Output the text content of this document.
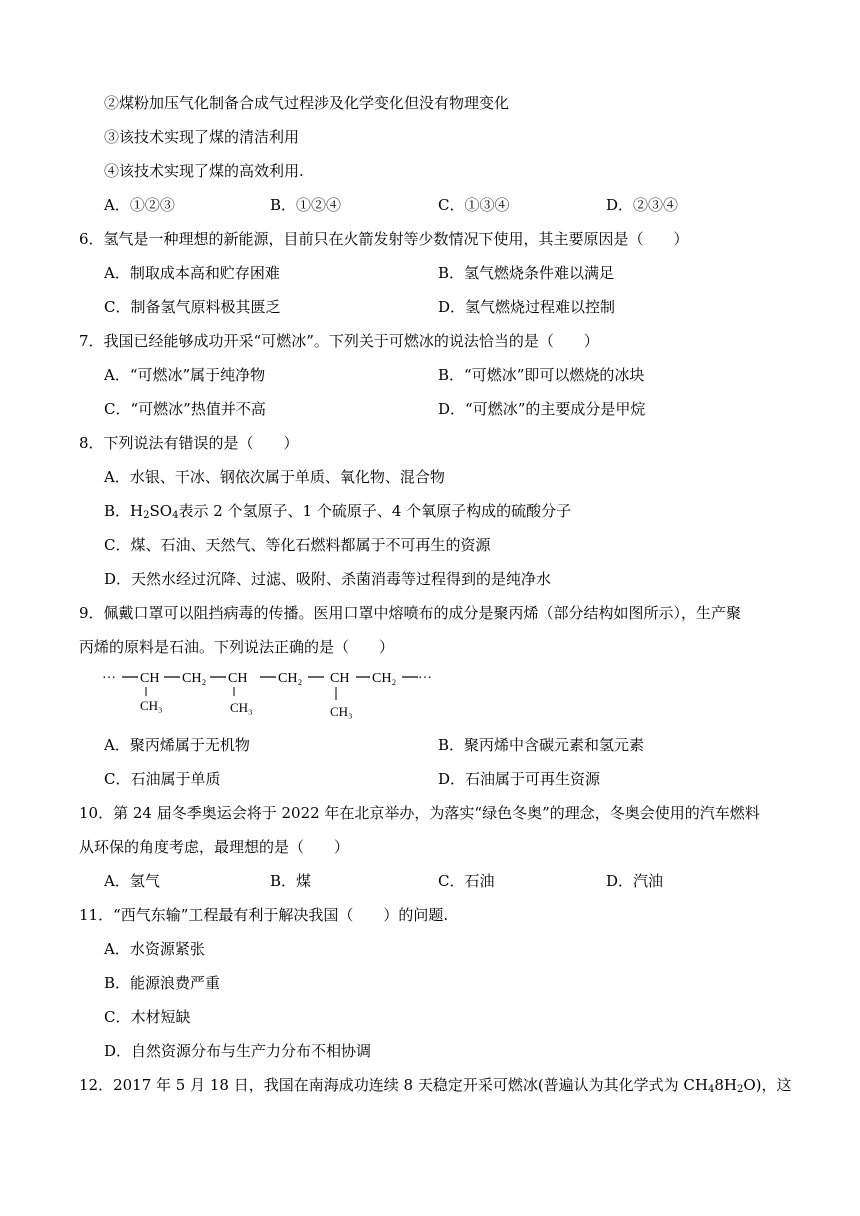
②煤粉加压气化制备合成气过程涉及化学变化但没有物理变化
③该技术实现了煤的清洁利用
④该技术实现了煤的高效利用.
A．①②③	B．①②④	C．①③④	D．②③④
6．氢气是一种理想的新能源，目前只在火箭发射等少数情况下使用，其主要原因是（　　）
A．制取成本高和贮存困难	B．氢气燃烧条件难以满足
C．制备氢气原料极其匮乏	D．氢气燃烧过程难以控制
7．我国已经能够成功开采“可燃冰”。下列关于可燃冰的说法恰当的是（　　）
A．“可燃冰”属于纯净物	B．“可燃冰”即可以燃烧的冰块
C．“可燃冰”热值并不高	D．“可燃冰”的主要成分是甲烷
8．下列说法有错误的是（　　）
A．水银、干冰、钢依次属于单质、氧化物、混合物
B．$H_2SO_4$表示 2 个氢原子、1 个硫原子、4 个氧原子构成的硫酸分子
C．煤、石油、天然气、等化石燃料都属于不可再生的资源
D．天然水经过沉降、过滤、吸附、杀菌消毒等过程得到的是纯净水
9．佩戴口罩可以阻挡病毒的传播。医用口罩中熔喷布的成分是聚丙烯（部分结构如图所示），生产聚
丙烯的原料是石油。下列说法正确的是（　　）
··· CH CH₂ CH CH₂ CH CH₂ ···
CH₃	CH₃	CH₃
A．聚丙烯属于无机物	B．聚丙烯中含碳元素和氢元素
C．石油属于单质	D．石油属于可再生资源
10．第 24 届冬季奥运会将于 2022 年在北京举办，为落实“绿色冬奥”的理念，冬奥会使用的汽车燃料
从环保的角度考虑，最理想的是（　　）
A．氢气	B．煤	C．石油	D．汽油
11．“西气东输”工程最有利于解决我国（　　）的问题.
A．水资源紧张
B．能源浪费严重
C．木材短缺
D．自然资源分布与生产力分布不相协调
12．2017 年 5 月 18 日，我国在南海成功连续 8 天稳定开采可燃冰(普遍认为其化学式为 $CH_48H_2O$)，这
